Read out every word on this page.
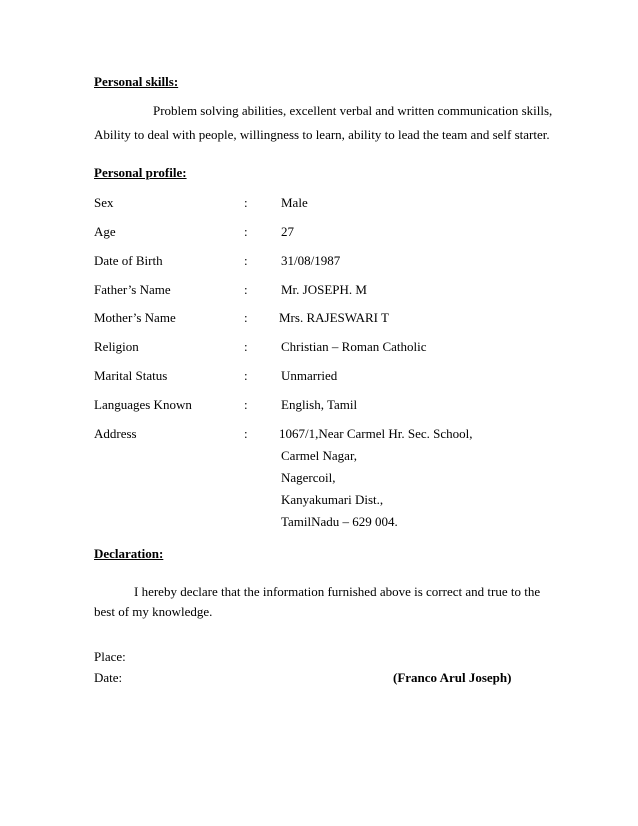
Personal skills:
Problem solving abilities, excellent verbal and written communication skills,
Ability to deal with people, willingness to learn, ability to lead the team and self starter.
Personal profile:
Sex	:	Male
Age	:	27
Date of Birth	:	31/08/1987
Father’s Name	:	Mr. JOSEPH. M
Mother’s Name	: Mrs. RAJESWARI T
Religion	:	Christian – Roman Catholic
Marital Status	:	Unmarried
Languages Known	:	English, Tamil
Address	: 1067/1,Near Carmel Hr. Sec. School,
Carmel Nagar,
Nagercoil,
Kanyakumari Dist.,
TamilNadu – 629 004.
Declaration:
I hereby declare that the information furnished above is correct and true to the
best of my knowledge.
Place:
Date:	(Franco Arul Joseph)
